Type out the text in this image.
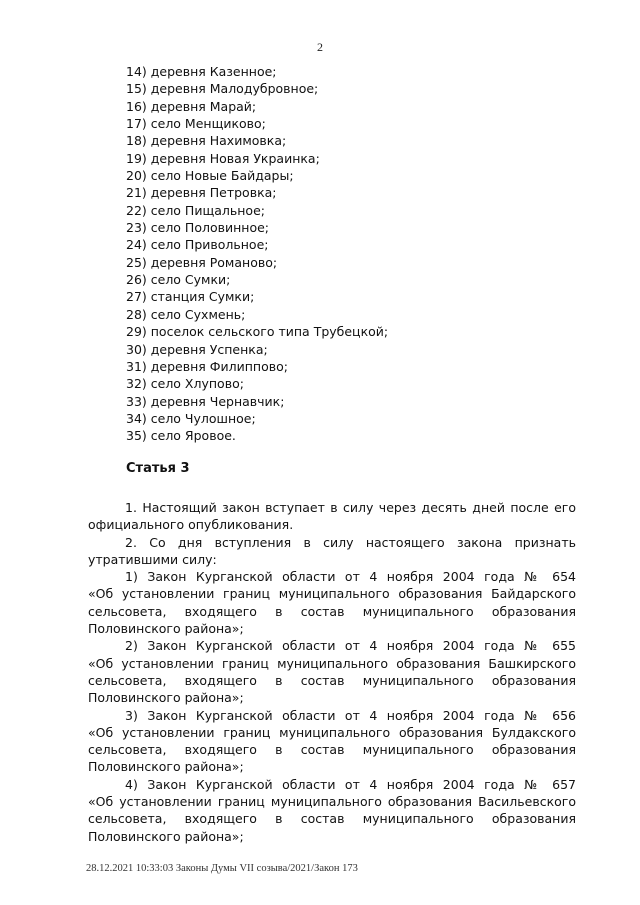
2
14) деревня Казенное;
15) деревня Малодубровное;
16) деревня Марай;
17) село Менщиково;
18) деревня Нахимовка;
19) деревня Новая Украинка;
20) село Новые Байдары;
21) деревня Петровка;
22) село Пищальное;
23) село Половинное;
24) село Привольное;
25) деревня Романово;
26) село Сумки;
27) станция Сумки;
28) село Сухмень;
29) поселок сельского типа Трубецкой;
30) деревня Успенка;
31) деревня Филиппово;
32) село Хлупово;
33) деревня Чернавчик;
34) село Чулошное;
35) село Яровое.
Статья 3
1. Настоящий закон вступает в силу через десять дней после его официального опубликования.
2. Со дня вступления в силу настоящего закона признать
утратившими силу:
1) Закон Курганской области от 4 ноября 2004 года № 654
«Об установлении границ муниципального образования Байдарского сельсовета, входящего в состав муниципального образования Половинского района»;
2) Закон Курганской области от 4 ноября 2004 года № 655
«Об установлении границ муниципального образования Башкирского сельсовета, входящего в состав муниципального образования Половинского района»;
3) Закон Курганской области от 4 ноября 2004 года № 656
«Об установлении границ муниципального образования Булдакского сельсовета, входящего в состав муниципального образования Половинского района»;
4) Закон Курганской области от 4 ноября 2004 года № 657
«Об установлении границ муниципального образования Васильевского сельсовета, входящего в состав муниципального образования Половинского района»;
28.12.2021 10:33:03 Законы Думы VII созыва/2021/Закон 173
